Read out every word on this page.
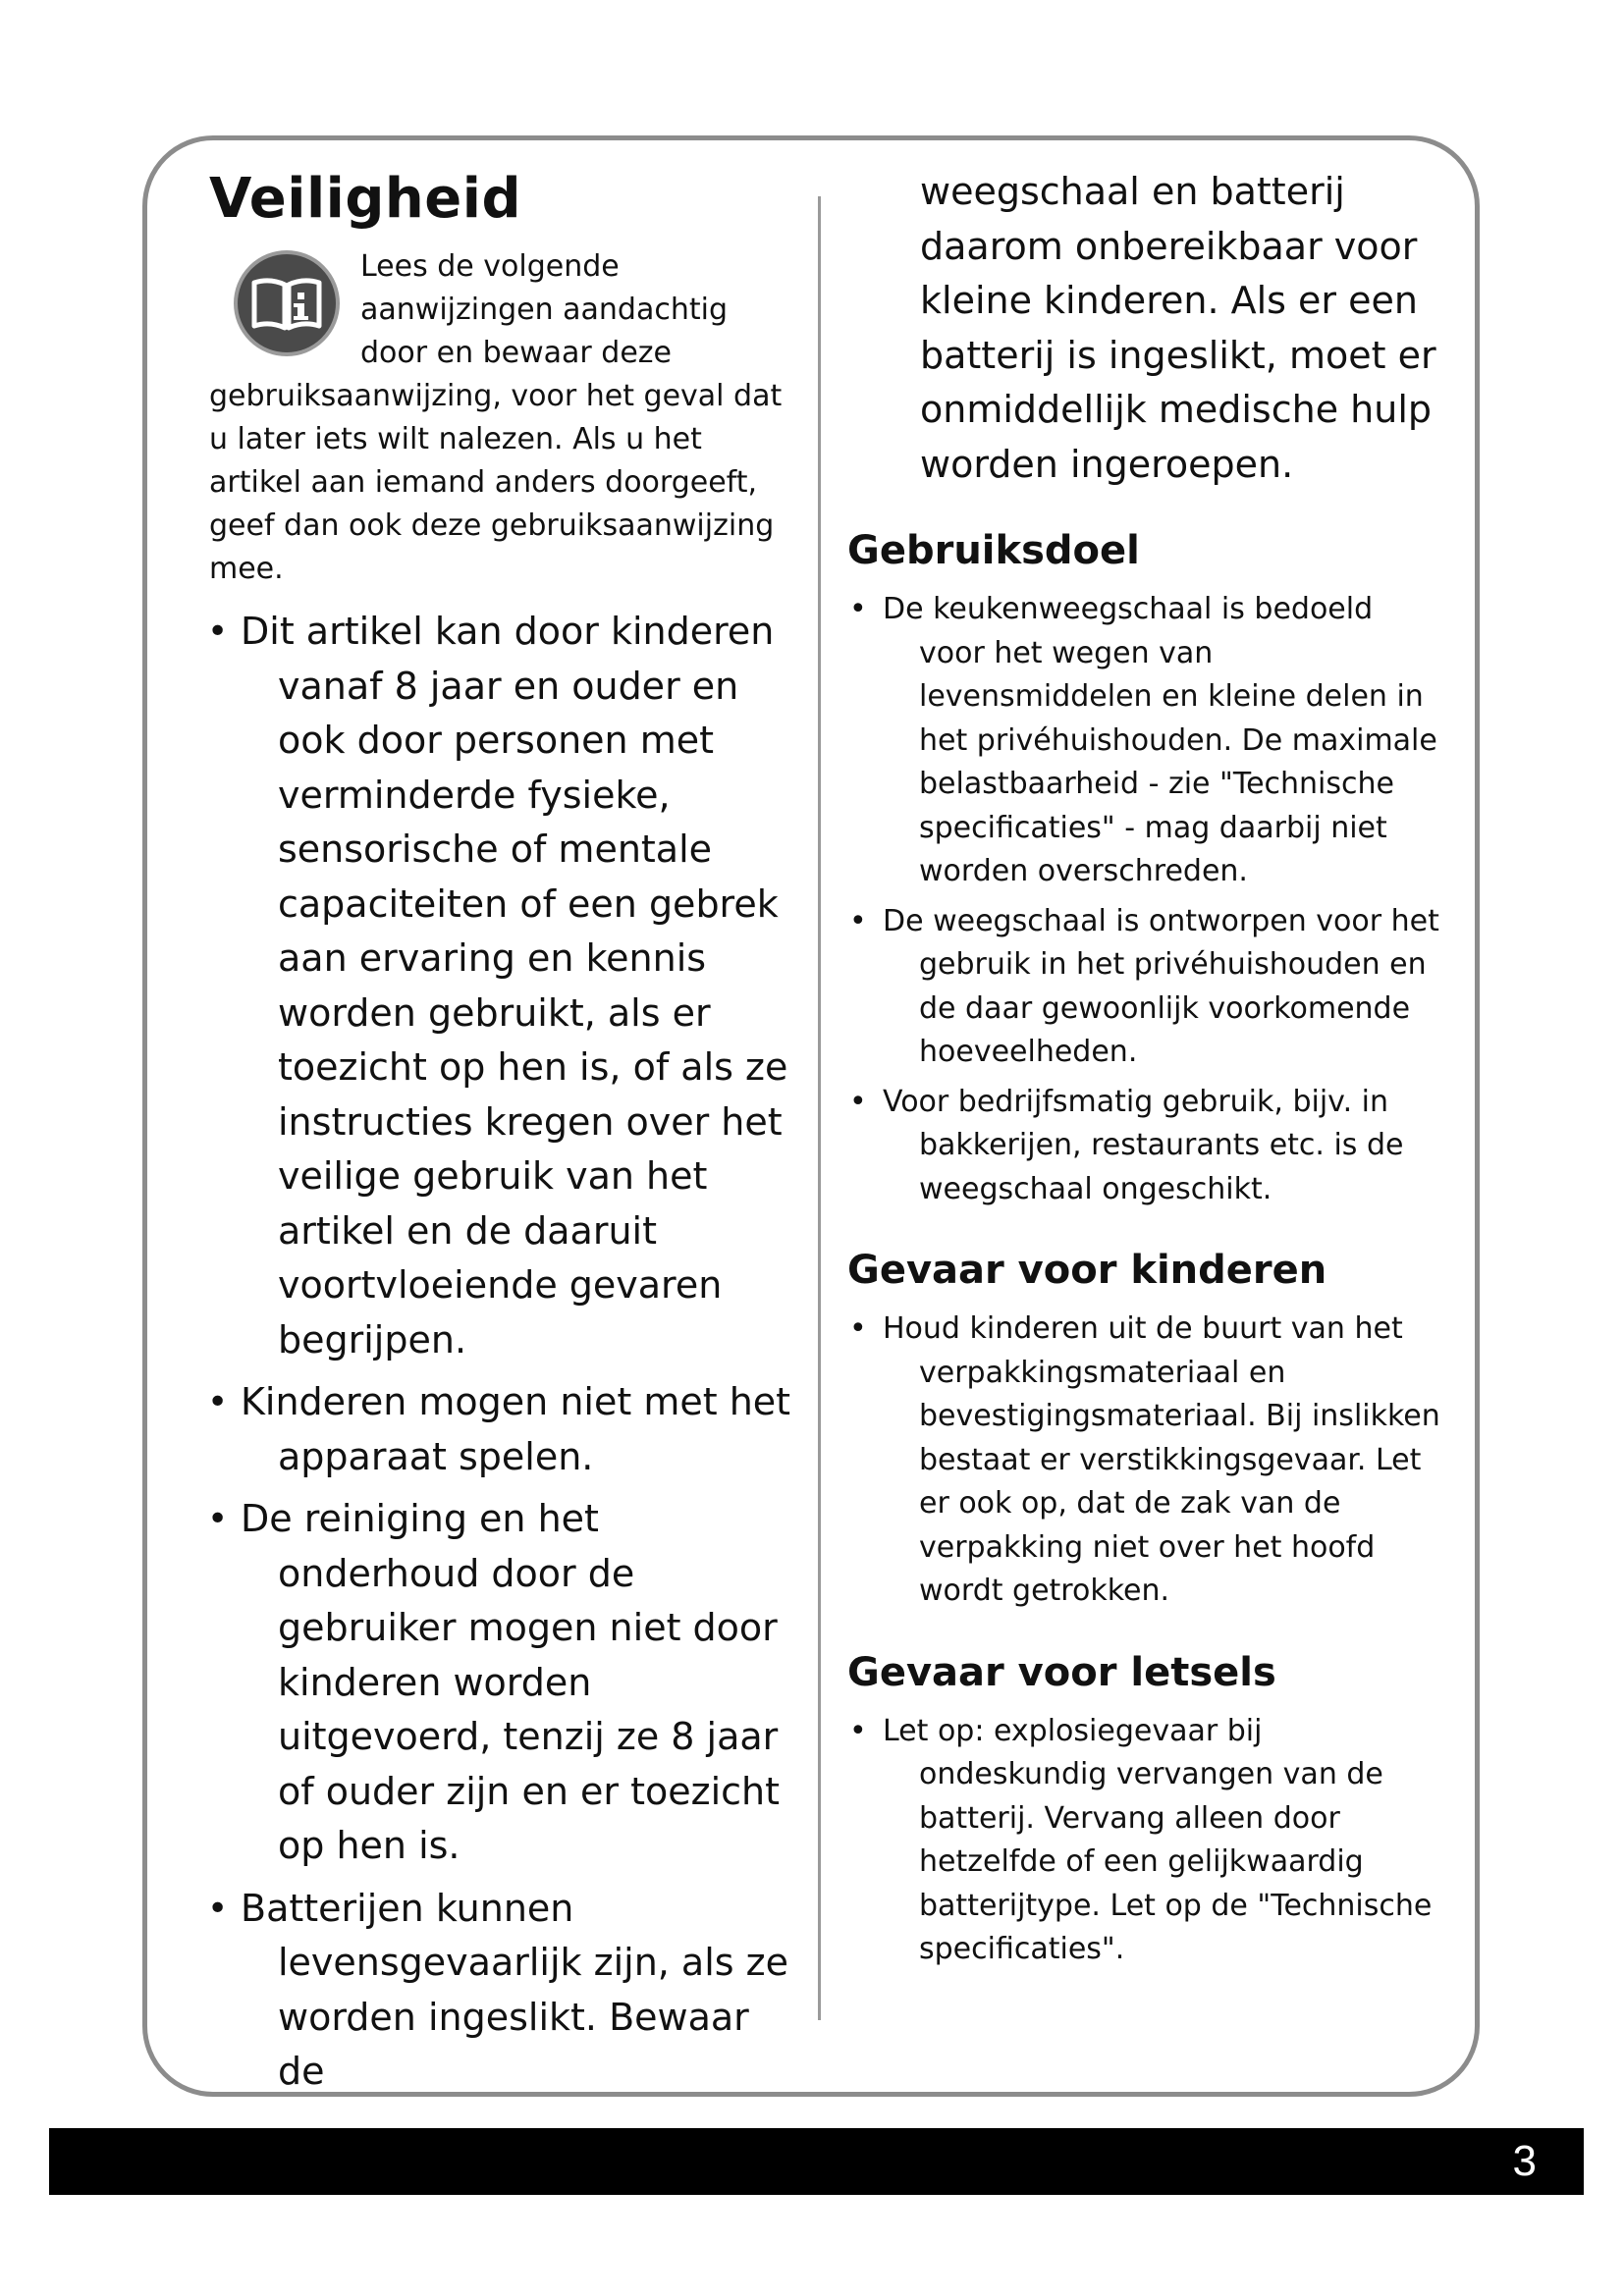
Veiligheid

Lees de volgende aanwijzingen aandachtig door en bewaar deze gebruiksaanwijzing, voor het geval dat u later iets wilt nalezen. Als u het artikel aan iemand anders doorgeeft, geef dan ook deze gebruiksaanwijzing mee.

• Dit artikel kan door kinderen vanaf 8 jaar en ouder en ook door personen met verminderde fysieke, sensorische of mentale capaciteiten of een gebrek aan ervaring en kennis worden gebruikt, als er toezicht op hen is, of als ze instructies kregen over het veilige gebruik van het artikel en de daaruit voortvloeiende gevaren begrijpen.
• Kinderen mogen niet met het apparaat spelen.
• De reiniging en het onderhoud door de gebruiker mogen niet door kinderen worden uitgevoerd, tenzij ze 8 jaar of ouder zijn en er toezicht op hen is.
• Batterijen kunnen levensgevaarlijk zijn, als ze worden ingeslikt. Bewaar de

weegschaal en batterij daarom onbereikbaar voor kleine kinderen. Als er een batterij is ingeslikt, moet er onmiddellijk medische hulp worden ingeroepen.

Gebruiksdoel
• De keukenweegschaal is bedoeld voor het wegen van levensmiddelen en kleine delen in het privéhuishouden. De maximale belastbaarheid - zie "Technische specificaties" - mag daarbij niet worden overschreden.
• De weegschaal is ontworpen voor het gebruik in het privéhuishouden en de daar gewoonlijk voorkomende hoeveelheden.
• Voor bedrijfsmatig gebruik, bijv. in bakkerijen, restaurants etc. is de weegschaal ongeschikt.
Gevaar voor kinderen
• Houd kinderen uit de buurt van het verpakkingsmateriaal en bevestigingsmateriaal. Bij inslikken bestaat er verstikkingsgevaar. Let er ook op, dat de zak van de verpakking niet over het hoofd wordt getrokken.
Gevaar voor letsels
• Let op: explosiegevaar bij ondeskundig vervangen van de batterij. Vervang alleen door hetzelfde of een gelijkwaardig batterijtype. Let op de "Technische specificaties".
3
